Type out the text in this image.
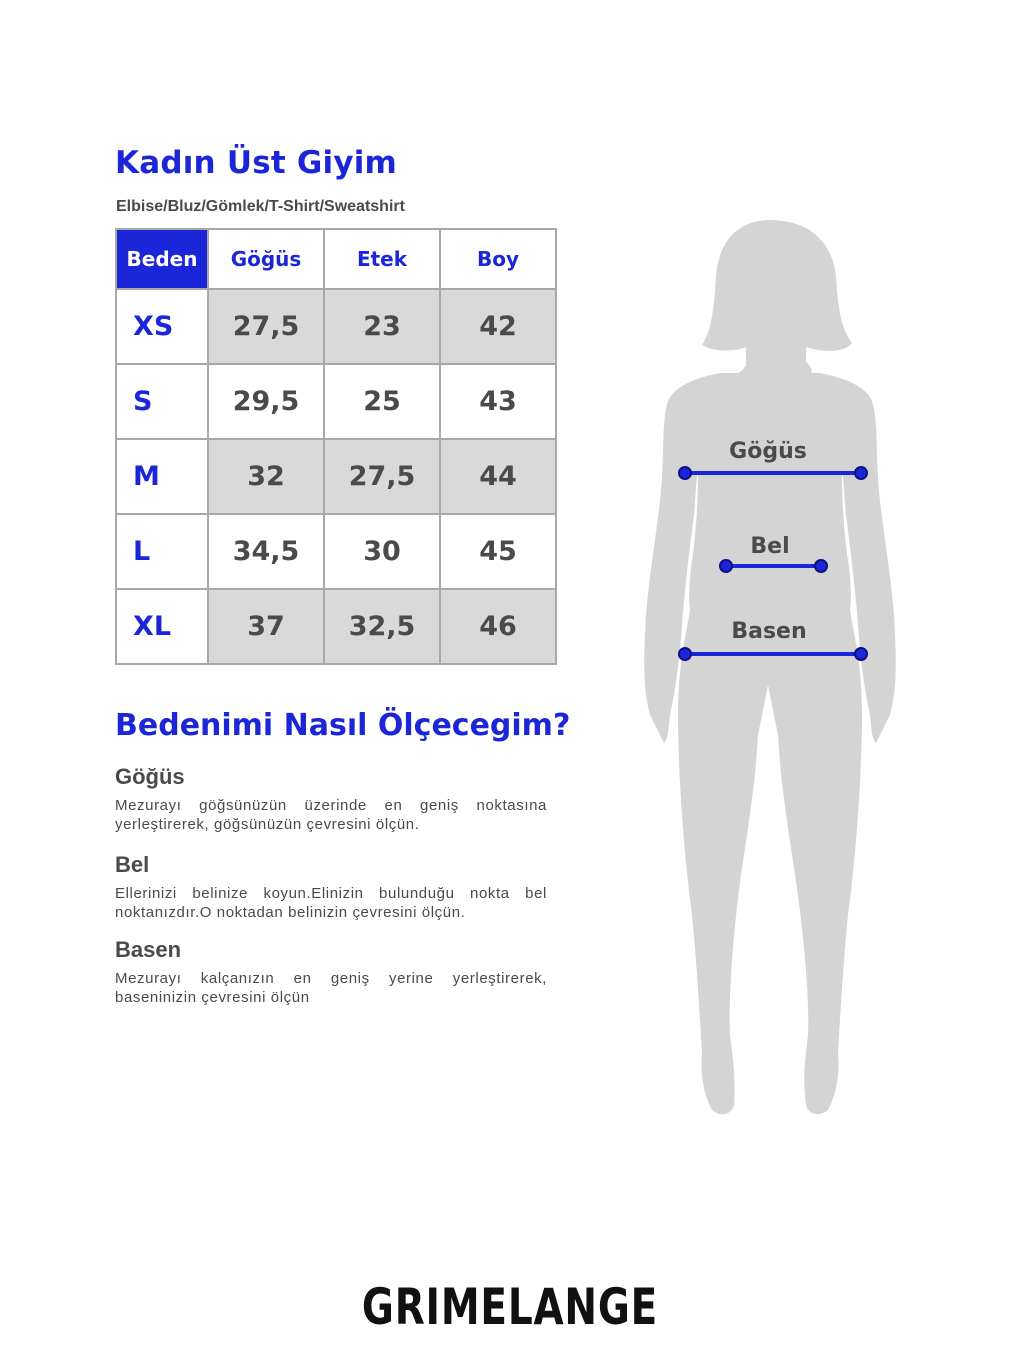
Kadın Üst Giyim
Elbise/Bluz/Gömlek/T-Shirt/Sweatshirt
Beden	Göğüs	Etek	Boy
XS	27,5	23	42
S	29,5	25	43
M	32	27,5	44
L	34,5	30	45
XL	37	32,5	46
Bedenimi Nasıl Ölçecegim?
Göğüs

Mezurayı göğsünüzün üzerinde en geniş noktasına yerleştirerek, göğsünüzün çevresini ölçün.

Bel

Ellerinizi belinize koyun.Elinizin bulunduğu nokta bel noktanızdır.O noktadan belinizin çevresini ölçün.

Basen

Mezurayı kalçanızın en geniş yerine yerleştirerek, baseninizin çevresini ölçün

Göğüs
Bel
Basen
GRIMELANGE
